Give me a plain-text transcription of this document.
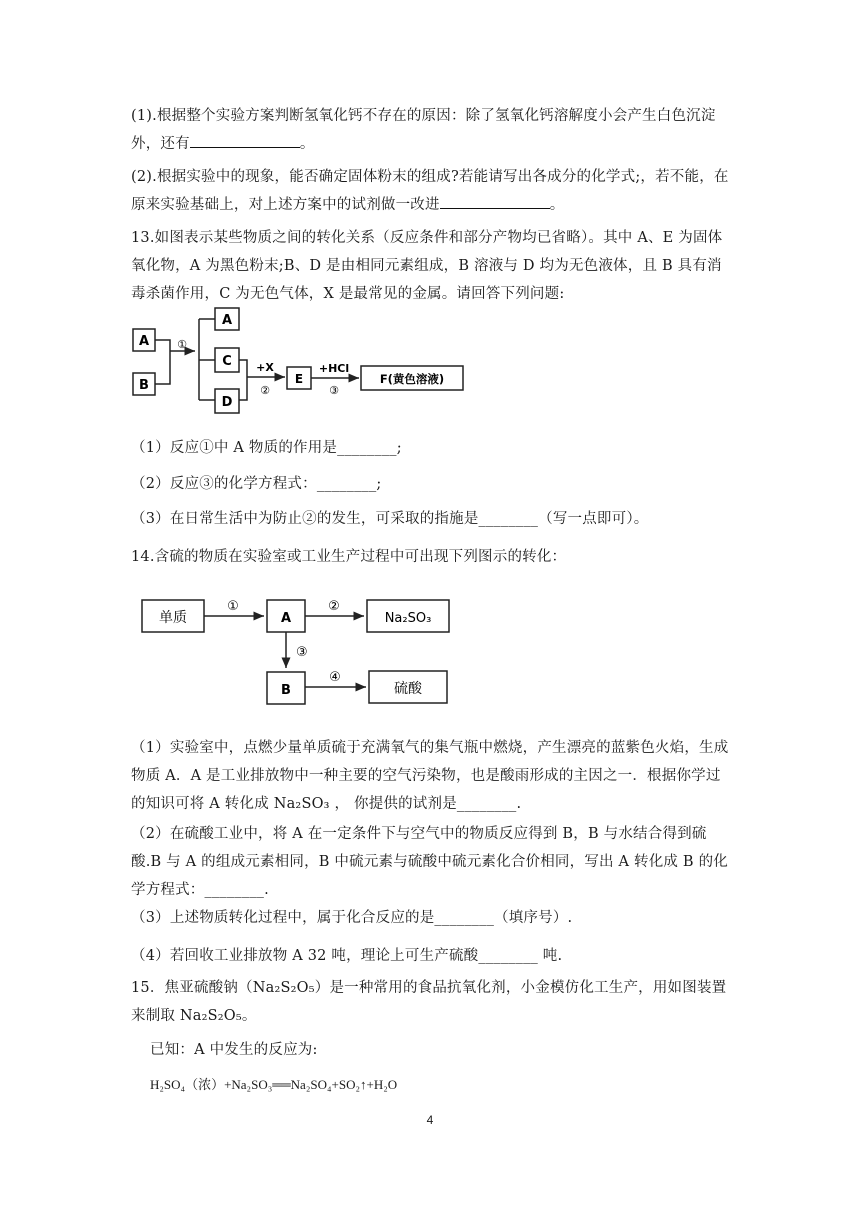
(1).根据整个实验方案判断氢氧化钙不存在的原因：除了氢氧化钙溶解度小会产生白色沉淀外，还有	。

(2).根据实验中的现象，能否确定固体粉末的组成?若能请写出各成分的化学式;，若不能，在原来实验基础上，对上述方案中的试剂做一改进	。

13.如图表示某些物质之间的转化关系（反应条件和部分产物均已省略）。其中 A、E 为固体氧化物，A 为黑色粉末;B、D 是由相同元素组成，B 溶液与 D 均为无色液体，且 B 具有消毒杀菌作用，C 为无色气体，X 是最常见的金属。请回答下列问题:

A
B
①
A
C
D
+X
②
E
+HCl
③
F(黄色溶液)

（1）反应①中 A 物质的作用是________;

（2）反应③的化学方程式：________;

（3）在日常生活中为防止②的发生，可采取的指施是________（写一点即可）。

14.含硫的物质在实验室或工业生产过程中可出现下列图示的转化：

单质
①
A
②
Na₂SO₃
③
B
④
硫酸

（1）实验室中，点燃少量单质硫于充满氧气的集气瓶中燃烧，产生漂亮的蓝紫色火焰，生成物质 A．A 是工业排放物中一种主要的空气污染物，也是酸雨形成的主因之一．根据你学过的知识可将 A 转化成 Na₂SO₃ ， 你提供的试剂是________.

（2）在硫酸工业中，将 A 在一定条件下与空气中的物质反应得到 B，B 与水结合得到硫酸.B 与 A 的组成元素相同，B 中硫元素与硫酸中硫元素化合价相同，写出 A 转化成 B 的化学方程式：________.

（3）上述物质转化过程中，属于化合反应的是________（填序号）.

（4）若回收工业排放物 A 32 吨，理论上可生产硫酸________ 吨.

15．焦亚硫酸钠（Na₂S₂O₅）是一种常用的食品抗氧化剂，小金模仿化工生产，用如图装置来制取 Na₂S₂O₅。

已知：A 中发生的反应为:

H₂SO₄（浓）+Na₂SO₃══Na₂SO₄+SO₂↑+H₂O
4
